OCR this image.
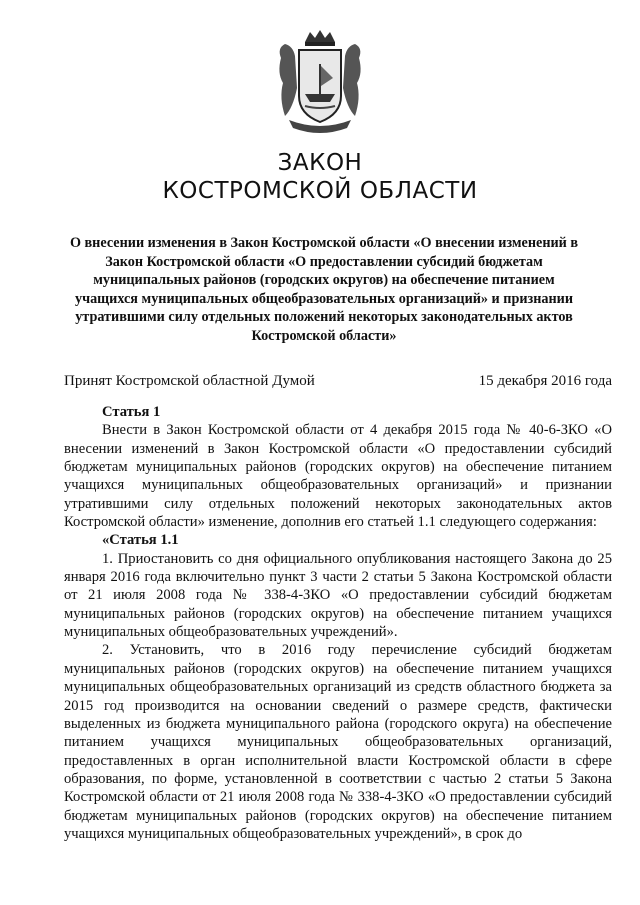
ЗАКОН
КОСТРОМСКОЙ ОБЛАСТИ
О внесении изменения в Закон Костромской области «О внесении изменений в Закон Костромской области «О предоставлении субсидий бюджетам муниципальных районов (городских округов) на обеспечение питанием учащихся муниципальных общеобразовательных организаций» и признании утратившими силу отдельных положений некоторых законодательных актов Костромской области»
Принят Костромской областной Думой	15 декабря 2016 года

Статья 1

Внести в Закон Костромской области от 4 декабря 2015 года № 40-6-ЗКО «О внесении изменений в Закон Костромской области «О предоставлении субсидий бюджетам муниципальных районов (городских округов) на обеспечение питанием учащихся муниципальных общеобразовательных организаций» и признании утратившими силу отдельных положений некоторых законодательных актов Костромской области» изменение, дополнив его статьей 1.1 следующего содержания:

«Статья 1.1

1. Приостановить со дня официального опубликования настоящего Закона до 25 января 2016 года включительно пункт 3 части 2 статьи 5 Закона Костромской области от 21 июля 2008 года № 338-4-ЗКО «О предоставлении субсидий бюджетам муниципальных районов (городских округов) на обеспечение питанием учащихся муниципальных общеобразовательных учреждений».

2. Установить, что в 2016 году перечисление субсидий бюджетам муниципальных районов (городских округов) на обеспечение питанием учащихся муниципальных общеобразовательных организаций из средств областного бюджета за 2015 год производится на основании сведений о размере средств, фактически выделенных из бюджета муниципального района (городского округа) на обеспечение питанием учащихся муниципальных общеобразовательных организаций, предоставленных в орган исполнительной власти Костромской области в сфере образования, по форме, установленной в соответствии с частью 2 статьи 5 Закона Костромской области от 21 июля 2008 года № 338-4-ЗКО «О предоставлении субсидий бюджетам муниципальных районов (городских округов) на обеспечение питанием учащихся муниципальных общеобразовательных учреждений», в срок до
